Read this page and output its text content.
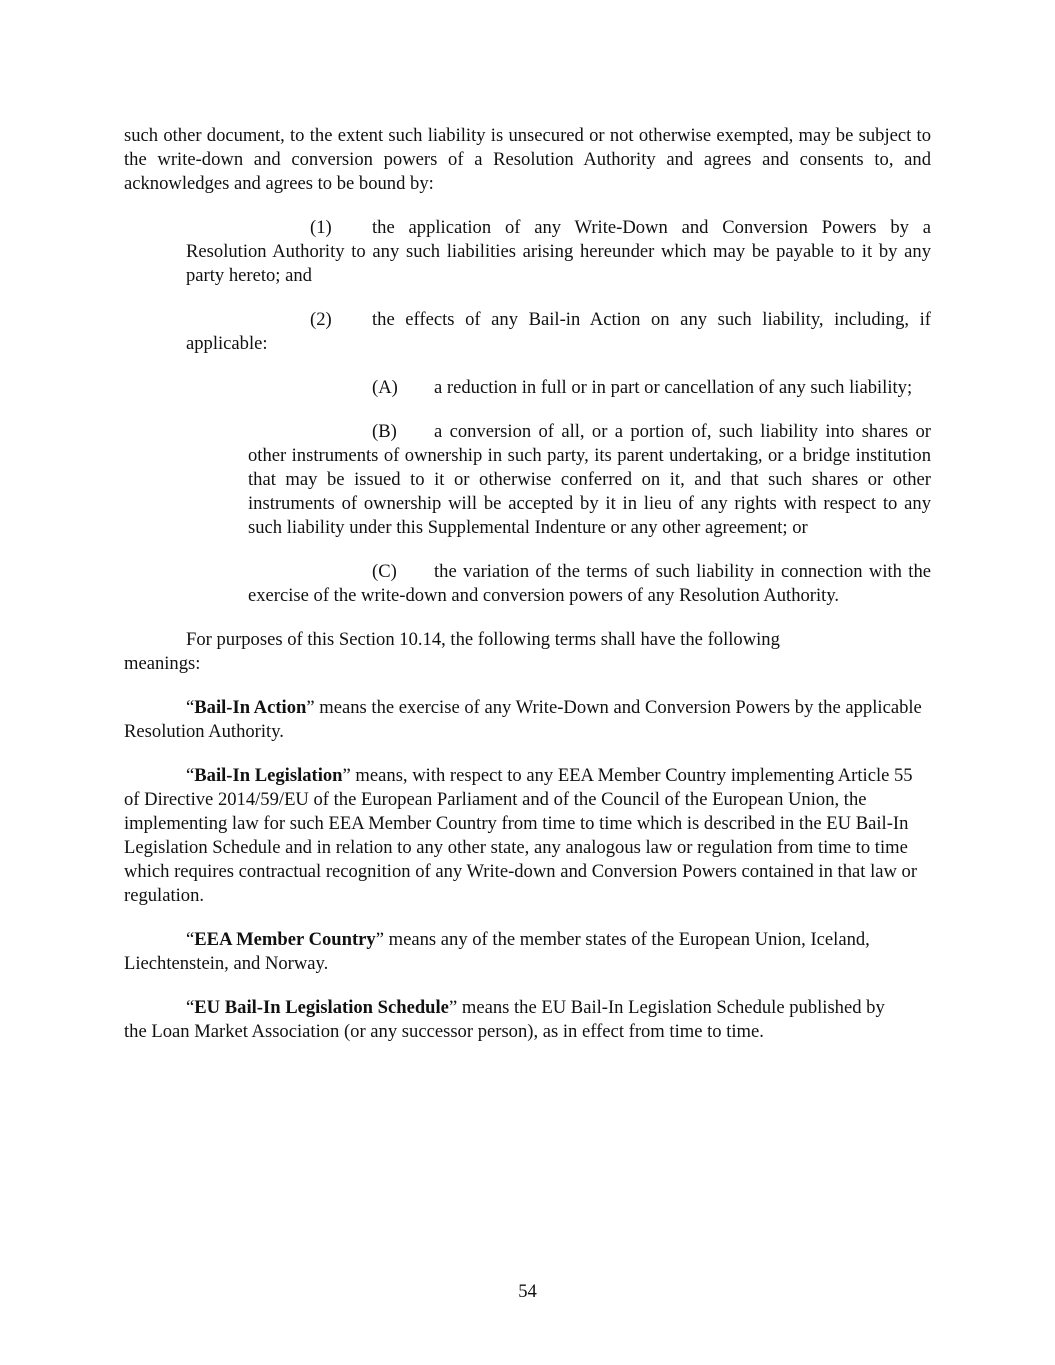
such other document, to the extent such liability is unsecured or not otherwise exempted, may be subject to the write-down and conversion powers of a Resolution Authority and agrees and consents to, and acknowledges and agrees to be bound by:

(1) the application of any Write-Down and Conversion Powers by a Resolution Authority to any such liabilities arising hereunder which may be payable to it by any party hereto; and

(2) the effects of any Bail-in Action on any such liability, including, if applicable:

(A) a reduction in full or in part or cancellation of any such liability;

(B) a conversion of all, or a portion of, such liability into shares or other instruments of ownership in such party, its parent undertaking, or a bridge institution that may be issued to it or otherwise conferred on it, and that such shares or other instruments of ownership will be accepted by it in lieu of any rights with respect to any such liability under this Supplemental Indenture or any other agreement; or

(C) the variation of the terms of such liability in connection with the exercise of the write-down and conversion powers of any Resolution Authority.

For purposes of this Section 10.14, the following terms shall have the following meanings:

“Bail-In Action” means the exercise of any Write-Down and Conversion Powers by the applicable Resolution Authority.

“Bail-In Legislation” means, with respect to any EEA Member Country implementing Article 55 of Directive 2014/59/EU of the European Parliament and of the Council of the European Union, the implementing law for such EEA Member Country from time to time which is described in the EU Bail-In Legislation Schedule and in relation to any other state, any analogous law or regulation from time to time which requires contractual recognition of any Write-down and Conversion Powers contained in that law or regulation.

“EEA Member Country” means any of the member states of the European Union, Iceland, Liechtenstein, and Norway.

“EU Bail-In Legislation Schedule” means the EU Bail-In Legislation Schedule published by the Loan Market Association (or any successor person), as in effect from time to time.

54
